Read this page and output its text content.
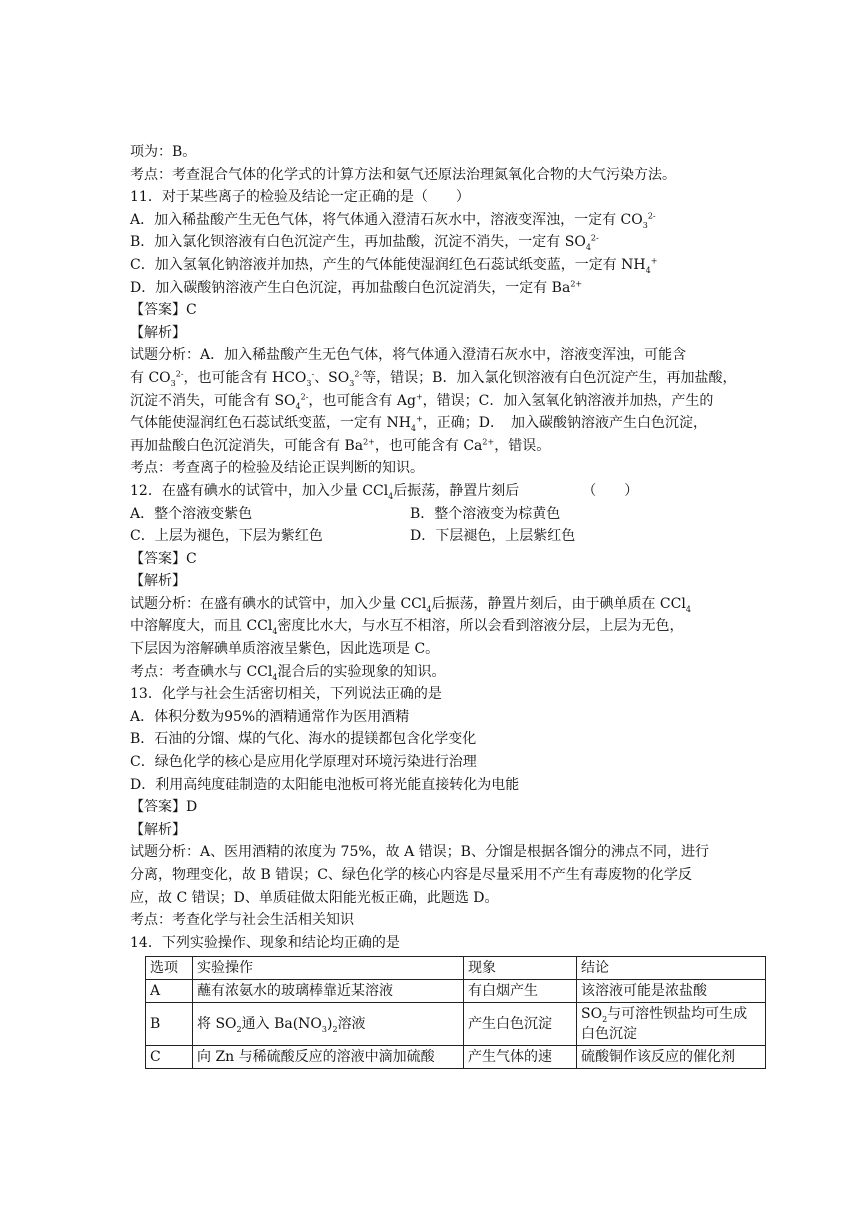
项为：B。
考点：考查混合气体的化学式的计算方法和氨气还原法治理氮氧化合物的大气污染方法。
11．对于某些离子的检验及结论一定正确的是（　　）
A．加入稀盐酸产生无色气体，将气体通入澄清石灰水中，溶液变浑浊，一定有 $CO_3^{2-}$
B．加入氯化钡溶液有白色沉淀产生，再加盐酸，沉淀不消失，一定有 $SO_4^{2-}$
C．加入氢氧化钠溶液并加热，产生的气体能使湿润红色石蕊试纸变蓝，一定有 $NH_4^+$
D．加入碳酸钠溶液产生白色沉淀，再加盐酸白色沉淀消失，一定有 $Ba^{2+}$
【答案】C
【解析】
试题分析：A．加入稀盐酸产生无色气体，将气体通入澄清石灰水中，溶液变浑浊，可能含
有 $CO_3^{2-}$，也可能含有 $HCO_3^-$、$SO_3^{2-}$等，错误；B．加入氯化钡溶液有白色沉淀产生，再加盐酸，
沉淀不消失，可能含有 $SO_4^{2-}$，也可能含有 Ag+，错误；C．加入氢氧化钠溶液并加热，产生的
气体能使湿润红色石蕊试纸变蓝，一定有 $NH_4^+$，正确；D．　加入碳酸钠溶液产生白色沉淀，
再加盐酸白色沉淀消失，可能含有 $Ba^{2+}$，也可能含有 $Ca^{2+}$，错误。
考点：考查离子的检验及结论正误判断的知识。
12．在盛有碘水的试管中，加入少量 CCl$_4$后振荡，静置片刻后　　　　　（　　）
A．整个溶液变紫色	B．整个溶液变为棕黄色
C．上层为褪色，下层为紫红色	D．下层褪色，上层紫红色
【答案】C
【解析】
试题分析：在盛有碘水的试管中，加入少量 CCl$_4$后振荡，静置片刻后，由于碘单质在 CCl$_4$
中溶解度大，而且 CCl$_4$密度比水大，与水互不相溶，所以会看到溶液分层，上层为无色，
下层因为溶解碘单质溶液呈紫色，因此选项是 C。
考点：考查碘水与 CCl$_4$混合后的实验现象的知识。
13．化学与社会生活密切相关，下列说法正确的是
A．体积分数为95%的酒精通常作为医用酒精
B．石油的分馏、煤的气化、海水的提镁都包含化学变化
C．绿色化学的核心是应用化学原理对环境污染进行治理
D．利用高纯度硅制造的太阳能电池板可将光能直接转化为电能
【答案】D
【解析】
试题分析：A、医用酒精的浓度为 75%，故 A 错误；B、分馏是根据各馏分的沸点不同，进行
分离，物理变化，故 B 错误；C、绿色化学的核心内容是尽量采用不产生有毒废物的化学反
应，故 C 错误；D、单质硅做太阳能光板正确，此题选 D。
考点：考查化学与社会生活相关知识
14．下列实验操作、现象和结论均正确的是
选项	实验操作	现象	结论
A	蘸有浓氨水的玻璃棒靠近某溶液	有白烟产生	该溶液可能是浓盐酸
B	将 $SO_2$通入 $Ba(NO_3)_2$溶液	产生白色沉淀	$SO_2$与可溶性钡盐均可生成
白色沉淀
C	向 Zn 与稀硫酸反应的溶液中滴加硫酸	产生气体的速	硫酸铜作该反应的催化剂
